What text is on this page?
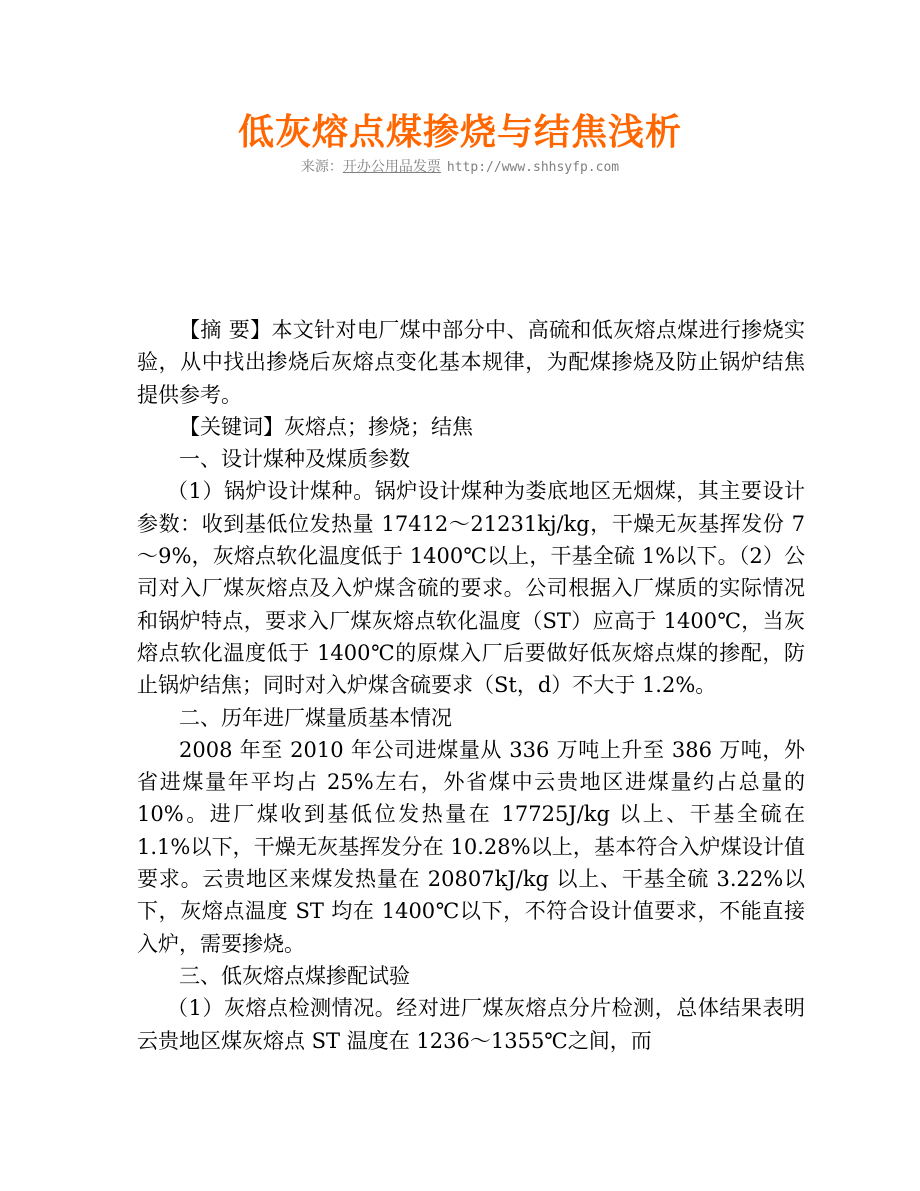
低灰熔点煤掺烧与结焦浅析
来源：开办公用品发票 http://www.shhsyfp.com

【摘 要】本文针对电厂煤中部分中、高硫和低灰熔点煤进行掺烧实验，从中找出掺烧后灰熔点变化基本规律，为配煤掺烧及防止锅炉结焦提供参考。

【关键词】灰熔点；掺烧；结焦

一、设计煤种及煤质参数

（1）锅炉设计煤种。锅炉设计煤种为娄底地区无烟煤，其主要设计参数：收到基低位发热量 17412～21231kj/kg，干燥无灰基挥发份 7～9%，灰熔点软化温度低于 1400℃以上，干基全硫 1%以下。（2）公司对入厂煤灰熔点及入炉煤含硫的要求。公司根据入厂煤质的实际情况和锅炉特点，要求入厂煤灰熔点软化温度（ST）应高于 1400℃，当灰熔点软化温度低于 1400℃的原煤入厂后要做好低灰熔点煤的掺配，防止锅炉结焦；同时对入炉煤含硫要求（St，d）不大于 1.2%。

二、历年进厂煤量质基本情况

2008 年至 2010 年公司进煤量从 336 万吨上升至 386 万吨，外省进煤量年平均占 25%左右，外省煤中云贵地区进煤量约占总量的 10%。进厂煤收到基低位发热量在 17725J/kg 以上、干基全硫在 1.1%以下，干燥无灰基挥发分在 10.28%以上，基本符合入炉煤设计值要求。云贵地区来煤发热量在 20807kJ/kg 以上、干基全硫 3.22%以下，灰熔点温度 ST 均在 1400℃以下，不符合设计值要求，不能直接入炉，需要掺烧。

三、低灰熔点煤掺配试验

（1）灰熔点检测情况。经对进厂煤灰熔点分片检测，总体结果表明云贵地区煤灰熔点 ST 温度在 1236～1355℃之间，而
